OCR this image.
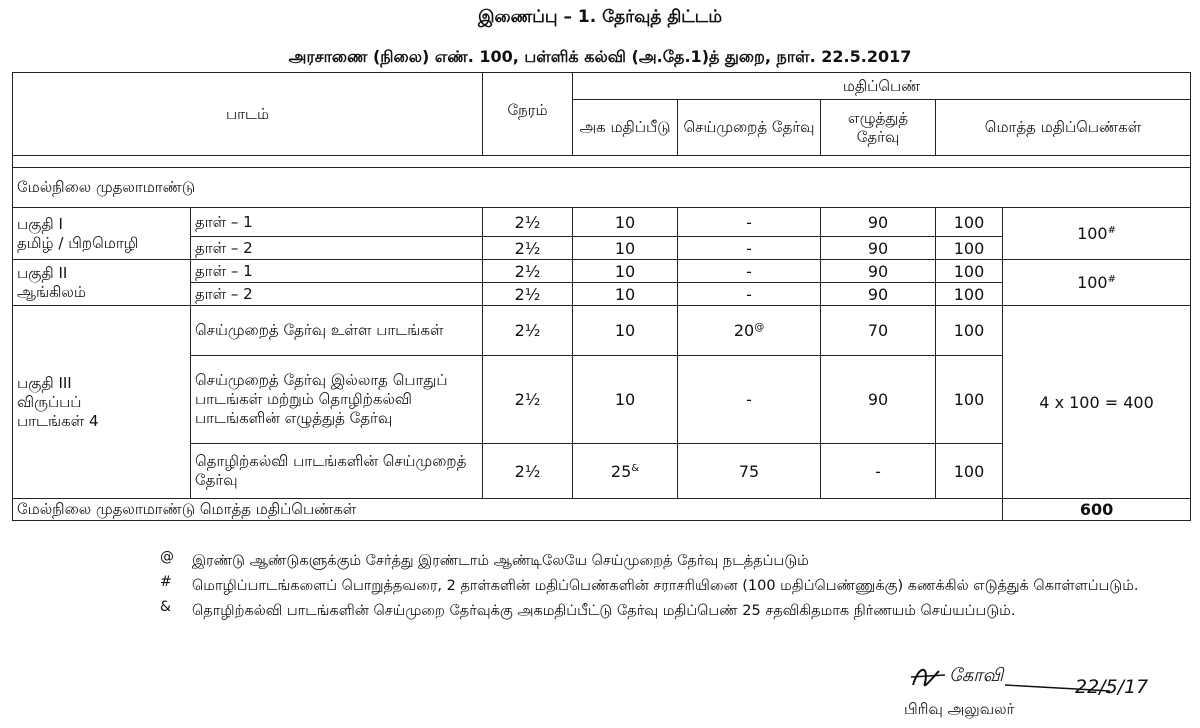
இணைப்பு – 1. தேர்வுத் திட்டம்
அரசாணை (நிலை) எண். 100, பள்ளிக் கல்வி (அ.தே.1)த் துறை, நாள். 22.5.2017
பாடம்		நேரம்	மதிப்பெண்				
			அக மதிப்பீடு	செய்முறைத் தேர்வு	எழுத்துத் தேர்வு	மொத்த மதிப்பெண்கள்	

மேல்நிலை முதலாமாண்டு							

பகுதி I
தமிழ் / பிறமொழி	தாள் – 1	2½	10	-	90	100	100#
	தாள் – 2	2½	10	-	90	100	

பகுதி II
ஆங்கிலம்	தாள் – 1	2½	10	-	90	100	100#
	தாள் – 2	2½	10	-	90	100	

பகுதி III
விருப்பப்
பாடங்கள் 4	செய்முறைத் தேர்வு உள்ள பாடங்கள்	2½	10	20@	70	100	4 x 100 = 400
	செய்முறைத் தேர்வு இல்லாத பொதுப் பாடங்கள் மற்றும் தொழிற்கல்வி பாடங்களின் எழுத்துத் தேர்வு	2½	10	-	90	100	
	தொழிற்கல்வி பாடங்களின் செய்முறைத் தேர்வு	2½	25&	75	-	100	
மேல்நிலை முதலாமாண்டு மொத்த மதிப்பெண்கள்							600
@ இரண்டு ஆண்டுகளுக்கும் சேர்த்து இரண்டாம் ஆண்டிலேயே செய்முறைத் தேர்வு நடத்தப்படும்
# மொழிப்பாடங்களைப் பொறுத்தவரை, 2 தாள்களின் மதிப்பெண்களின் சராசரியினை (100 மதிப்பெண்ணுக்கு) கணக்கில் எடுத்துக் கொள்ளப்படும்.
& தொழிற்கல்வி பாடங்களின் செய்முறை தேர்வுக்கு அகமதிப்பீட்டு தேர்வு மதிப்பெண் 25 சதவிகிதமாக நிர்ணயம் செய்யப்படும்.
கோவி
22/5/17
பிரிவு அலுவலர்
